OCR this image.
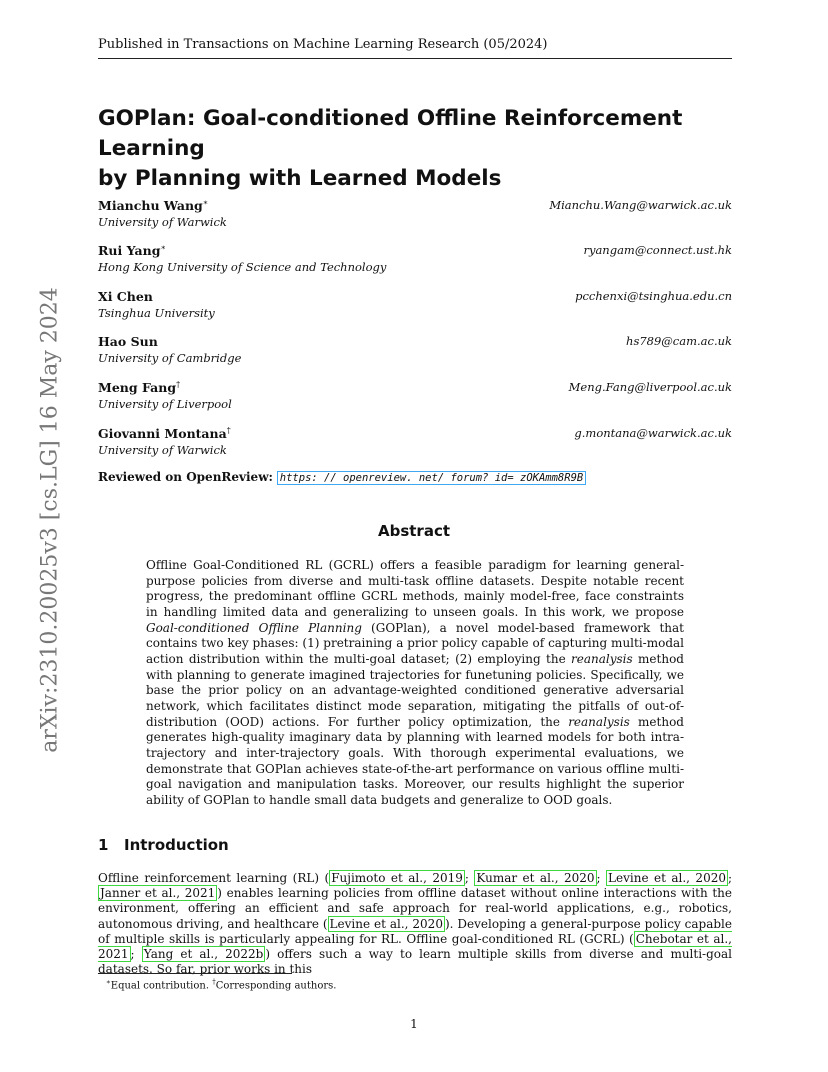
Published in Transactions on Machine Learning Research (05/2024)
arXiv:2310.20025v3 [cs.LG] 16 May 2024
GOPlan: Goal-conditioned Offline Reinforcement Learning
by Planning with Learned Models
Mianchu Wang∗
University of Warwick
Mianchu.Wang@warwick.ac.uk
Rui Yang∗
Hong Kong University of Science and Technology
ryangam@connect.ust.hk
Xi Chen
Tsinghua University
pcchenxi@tsinghua.edu.cn
Hao Sun
University of Cambridge
hs789@cam.ac.uk
Meng Fang†
University of Liverpool
Meng.Fang@liverpool.ac.uk
Giovanni Montana†
University of Warwick
g.montana@warwick.ac.uk
Reviewed on OpenReview: https: // openreview. net/ forum? id= zOKAmm8R9B
Abstract

Offline Goal-Conditioned RL (GCRL) offers a feasible paradigm for learning general-purpose policies from diverse and multi-task offline datasets. Despite notable recent progress, the predominant offline GCRL methods, mainly model-free, face constraints in handling limited data and generalizing to unseen goals. In this work, we propose Goal-conditioned Offline Planning (GOPlan), a novel model-based framework that contains two key phases: (1) pretraining a prior policy capable of capturing multi-modal action distribution within the multi-goal dataset; (2) employing the reanalysis method with planning to generate imagined trajectories for funetuning policies. Specifically, we base the prior policy on an advantage-weighted conditioned generative adversarial network, which facilitates distinct mode separation, mitigating the pitfalls of out-of-distribution (OOD) actions. For further policy optimization, the reanalysis method generates high-quality imaginary data by planning with learned models for both intra-trajectory and inter-trajectory goals. With thorough experimental evaluations, we demonstrate that GOPlan achieves state-of-the-art performance on various offline multi-goal navigation and manipulation tasks. Moreover, our results highlight the superior ability of GOPlan to handle small data budgets and generalize to OOD goals.

1 Introduction

Offline reinforcement learning (RL) ( Fujimoto et al., 2019 ; Kumar et al., 2020 ; Levine et al., 2020 ; Janner et al., 2021 ) enables learning policies from offline dataset without online interactions with the environment, offering an efficient and safe approach for real-world applications, e.g., robotics, autonomous driving, and healthcare ( Levine et al., 2020 ). Developing a general-purpose policy capable of multiple skills is particularly appealing for RL. Offline goal-conditioned RL (GCRL) ( Chebotar et al., 2021 ; Yang et al., 2022b ) offers such a way to learn multiple skills from diverse and multi-goal datasets. So far, prior works in this

∗Equal contribution. †Corresponding authors.
1
